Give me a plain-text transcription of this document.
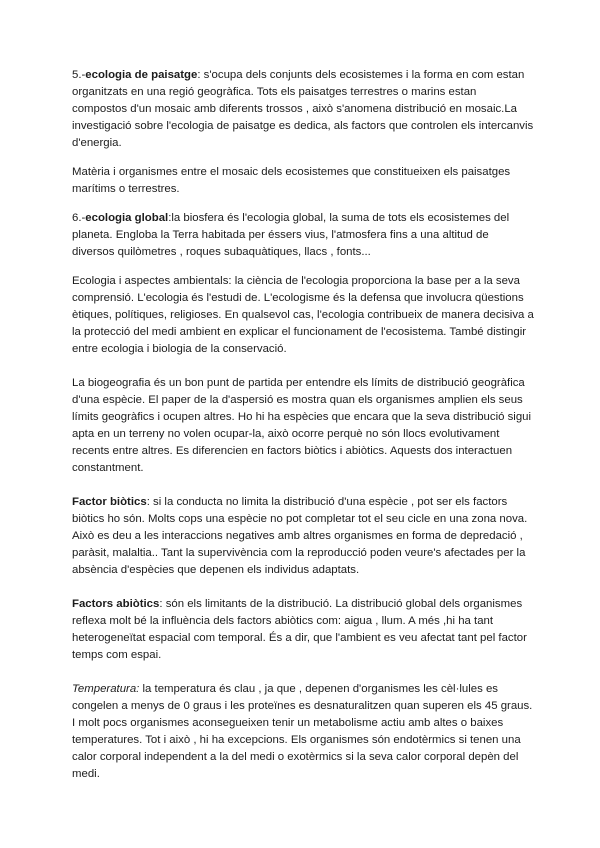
5.-ecologia de paisatge: s'ocupa dels conjunts dels ecosistemes i la forma en com estan organitzats en una regió geogràfica. Tots els paisatges terrestres o marins estan compostos d'un mosaic amb diferents trossos , això s'anomena distribució en mosaic.La investigació sobre l'ecologia de paisatge es dedica, als factors que controlen els intercanvis d'energia.

Matèria i organismes entre el mosaic dels ecosistemes que constitueixen els paisatges marítims o terrestres.

6.-ecologia global:la biosfera és l'ecologia global, la suma de tots els ecosistemes del planeta. Engloba la Terra habitada per éssers vius, l'atmosfera fins a una altitud de diversos quilòmetres , roques subaquàtiques, llacs , fonts...

Ecologia i aspectes ambientals: la ciència de l'ecologia proporciona la base per a la seva comprensió. L'ecologia és l'estudi de. L'ecologisme és la defensa que involucra qüestions ètiques, polítiques, religioses. En qualsevol cas, l'ecologia contribueix de manera decisiva a la protecció del medi ambient en explicar el funcionament de l'ecosistema. També distingir entre ecologia i biologia de la conservació.

La biogeografia és un bon punt de partida per entendre els límits de distribució geogràfica d'una espècie. El paper de la d'aspersió es mostra quan els organismes amplien els seus límits geogràfics i ocupen altres. Ho hi ha espècies que encara que la seva distribució sigui apta en un terreny no volen ocupar-la, això ocorre perquè no són llocs evolutivament recents entre altres. Es diferencien en factors biòtics i abiòtics. Aquests dos interactuen constantment.

Factor biòtics: si la conducta no limita la distribució d'una espècie , pot ser els factors biòtics ho són. Molts cops una espècie no pot completar tot el seu cicle en una zona nova. Això es deu a les interaccions negatives amb altres organismes en forma de depredació , paràsit, malaltia.. Tant la supervivència com la reproducció poden veure's afectades per la absència d'espècies que depenen els individus adaptats.

Factors abiòtics: són els limitants de la distribució. La distribució global dels organismes reflexa molt bé la influència dels factors abiòtics com: aigua , llum. A més ,hi ha tant heterogeneïtat espacial com temporal. És a dir, que l'ambient es veu afectat tant pel factor temps com espai.

Temperatura: la temperatura és clau , ja que , depenen d'organismes les cèl·lules es congelen a menys de 0 graus i les proteïnes es desnaturalitzen quan superen els 45 graus. I molt pocs organismes aconsegueixen tenir un metabolisme actiu amb altes o baixes temperatures. Tot i això , hi ha excepcions. Els organismes són endotèrmics si tenen una calor corporal independent a la del medi o exotèrmics si la seva calor corporal depèn del medi.
